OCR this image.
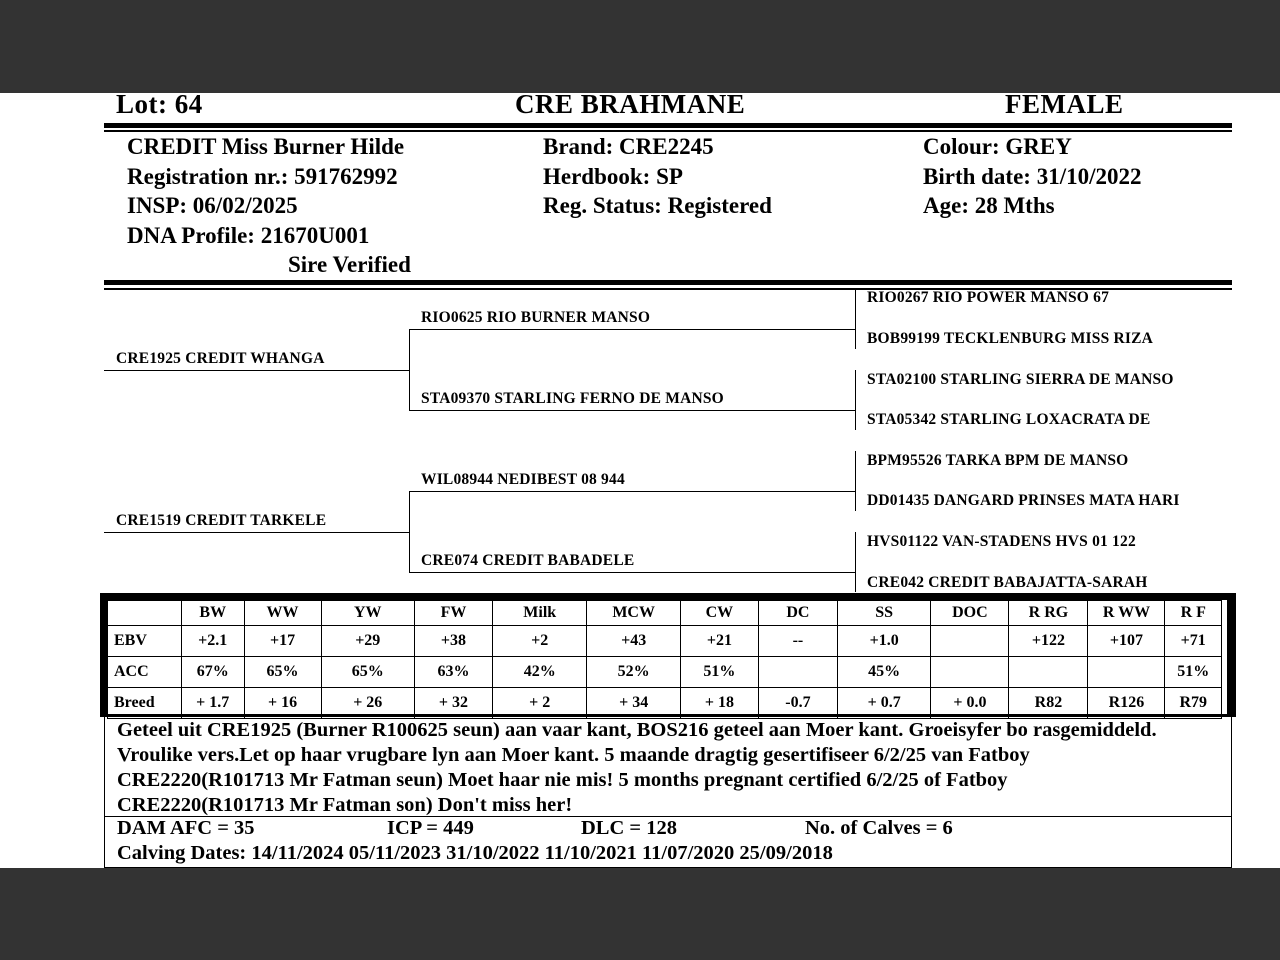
Lot: 64	CRE BRAHMANE	FEMALE
CREDIT Miss Burner Hilde
Registration nr.: 591762992
INSP: 06/02/2025
DNA Profile: 21670U001
Sire Verified
Brand: CRE2245
Herdbook: SP
Reg. Status: Registered
Colour: GREY
Birth date: 31/10/2022
Age: 28 Mths
CRE1925 CREDIT WHANGA
CRE1519 CREDIT TARKELE
RIO0625 RIO BURNER MANSO
STA09370 STARLING FERNO DE MANSO
WIL08944 NEDIBEST 08 944
CRE074 CREDIT BABADELE
RIO0267 RIO POWER MANSO 67
BOB99199 TECKLENBURG MISS RIZA
STA02100 STARLING SIERRA DE MANSO
STA05342 STARLING LOXACRATA DE
BPM95526 TARKA BPM DE MANSO
DD01435 DANGARD PRINSES MATA HARI
HVS01122 VAN-STADENS HVS 01 122
CRE042 CREDIT BABAJATTA-SARAH
	BW	WW	YW	FW	Milk	MCW	CW	DC	SS	DOC	R RG	R WW	R F
EBV	+2.1	+17	+29	+38	+2	+43	+21	--	+1.0		+122	+107	+71
ACC	67%	65%	65%	63%	42%	52%	51%		45%				51%
Breed	+ 1.7	+ 16	+ 26	+ 32	+ 2	+ 34	+ 18	-0.7	+ 0.7	+ 0.0	R82	R126	R79
Geteel uit CRE1925 (Burner R100625 seun) aan vaar kant, BOS216 geteel aan Moer kant. Groeisyfer bo rasgemiddeld.
Vroulike vers.Let op haar vrugbare lyn aan Moer kant. 5 maande dragtig gesertifiseer 6/2/25 van Fatboy
CRE2220(R101713 Mr Fatman seun) Moet haar nie mis! 5 months pregnant certified 6/2/25 of Fatboy
CRE2220(R101713 Mr Fatman son) Don't miss her!
DAM AFC = 35	ICP = 449	DLC = 128	No. of Calves = 6
Calving Dates: 14/11/2024 05/11/2023 31/10/2022 11/10/2021 11/07/2020 25/09/2018
